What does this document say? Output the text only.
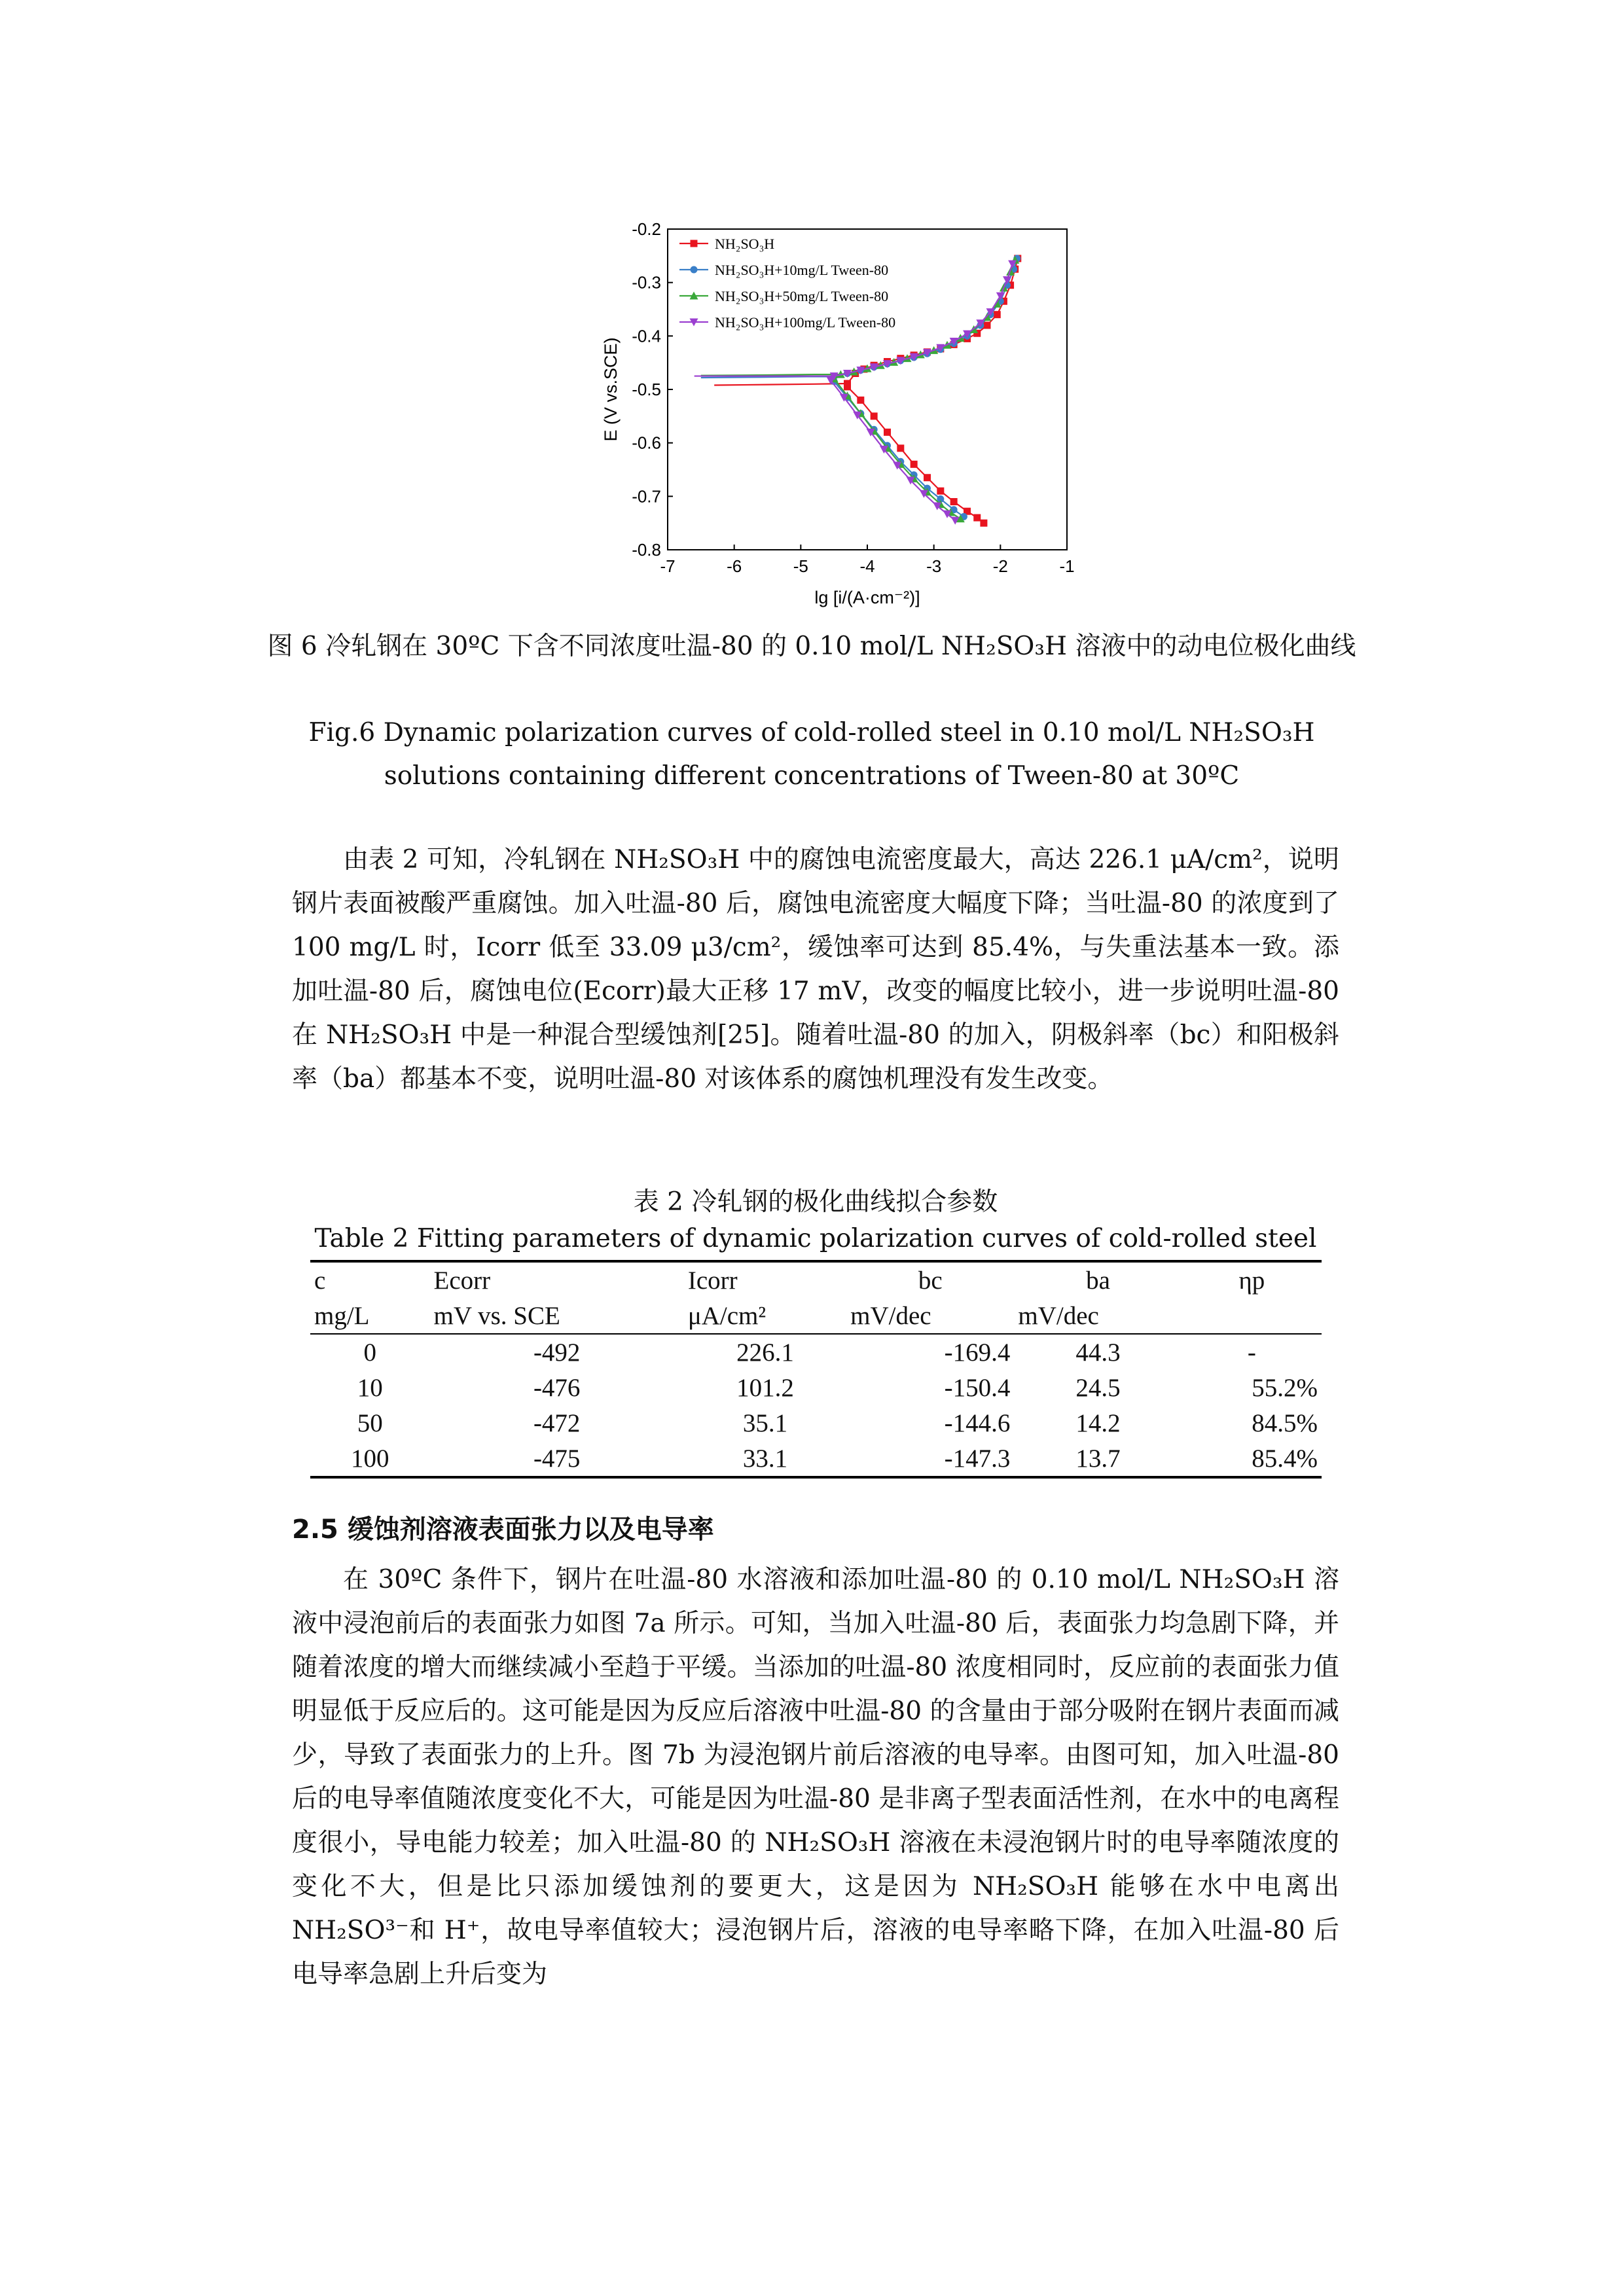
-7	-6	-5	-4	-3	-2	-1
-0.2
-0.3
-0.4
-0.5
-0.6
-0.7
-0.8
lg [i/(A·cm⁻²)]
E (V vs.SCE)
NH₂SO₃H
NH₂SO₃H+10mg/L Tween-80
NH₂SO₃H+50mg/L Tween-80
NH₂SO₃H+100mg/L Tween-80

图 6 冷轧钢在 30ºC 下含不同浓度吐温-80 的 0.10 mol/L NH₂SO₃H 溶液中的动电位极化曲线

Fig.6 Dynamic polarization curves of cold-rolled steel in 0.10 mol/L NH₂SO₃H solutions containing different concentrations of Tween-80 at 30ºC

由表 2 可知，冷轧钢在 NH₂SO₃H 中的腐蚀电流密度最大，高达 226.1 μA/cm²，说明钢片表面被酸严重腐蚀。加入吐温-80 后，腐蚀电流密度大幅度下降；当吐温-80 的浓度到了 100 mg/L 时，Icorr 低至 33.09 μ3/cm²，缓蚀率可达到 85.4%，与失重法基本一致。添加吐温-80 后，腐蚀电位(Ecorr)最大正移 17 mV，改变的幅度比较小，进一步说明吐温-80 在 NH₂SO₃H 中是一种混合型缓蚀剂[25]。随着吐温-80 的加入，阴极斜率（bc）和阳极斜率（ba）都基本不变，说明吐温-80 对该体系的腐蚀机理没有发生改变。

表 2 冷轧钢的极化曲线拟合参数

Table 2 Fitting parameters of dynamic polarization curves of cold-rolled steel

c	Ecorr	Icorr	bc	ba	ηp
mg/L	mV vs. SCE	μA/cm²	mV/dec	mV/dec	
0	-492	226.1	-169.4	44.3	-
10	-476	101.2	-150.4	24.5	55.2%
50	-472	35.1	-144.6	14.2	84.5%
100	-475	33.1	-147.3	13.7	85.4%

2.5 缓蚀剂溶液表面张力以及电导率

在 30ºC 条件下，钢片在吐温-80 水溶液和添加吐温-80 的 0.10 mol/L NH₂SO₃H 溶液中浸泡前后的表面张力如图 7a 所示。可知，当加入吐温-80 后，表面张力均急剧下降，并随着浓度的增大而继续减小至趋于平缓。当添加的吐温-80 浓度相同时，反应前的表面张力值明显低于反应后的。这可能是因为反应后溶液中吐温-80 的含量由于部分吸附在钢片表面而减少，导致了表面张力的上升。图 7b 为浸泡钢片前后溶液的电导率。由图可知，加入吐温-80 后的电导率值随浓度变化不大，可能是因为吐温-80 是非离子型表面活性剂，在水中的电离程度很小，导电能力较差；加入吐温-80 的 NH₂SO₃H 溶液在未浸泡钢片时的电导率随浓度的变化不大，但是比只添加缓蚀剂的要更大，这是因为 NH₂SO₃H 能够在水中电离出 NH₂SO³⁻和 H⁺，故电导率值较大；浸泡钢片后，溶液的电导率略下降，在加入吐温-80 后电导率急剧上升后变为
